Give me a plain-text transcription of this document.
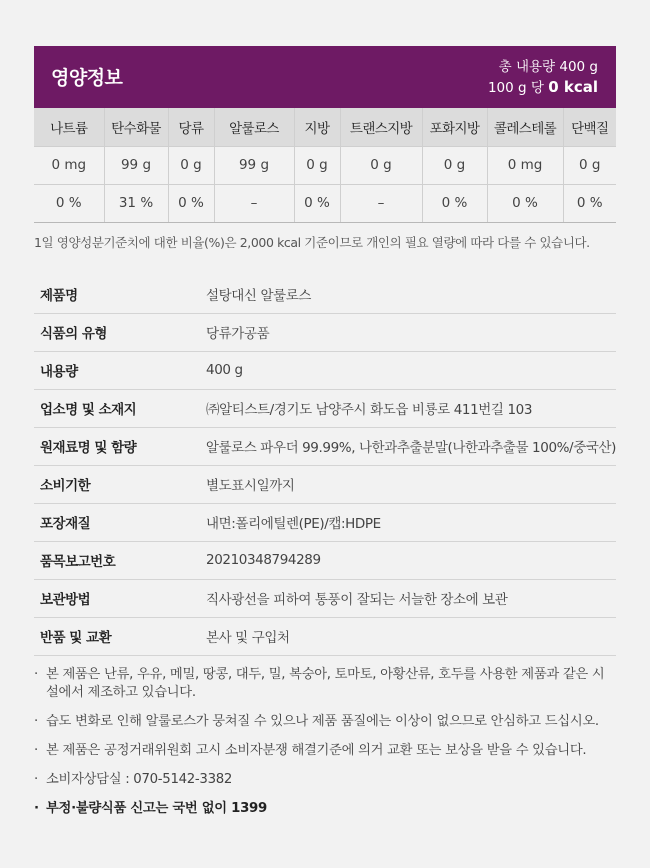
영양정보	총 내용량 400 g
100 g 당 0 kcal
나트륨	탄수화물	당류	알룰로스	지방	트랜스지방	포화지방	콜레스테롤	단백질
0 mg	99 g	0 g	99 g	0 g	0 g	0 g	0 mg	0 g
0 %	31 %	0 %	–	0 %	–	0 %	0 %	0 %
1일 영양성분기준치에 대한 비율(%)은 2,000 kcal 기준이므로 개인의 필요 열량에 따라 다를 수 있습니다.
제품명	설탕대신 알룰로스
식품의 유형	당류가공품
내용량	400 g
업소명 및 소재지	㈜알티스트/경기도 남양주시 화도읍 비룡로 411번길 103
원재료명 및 함량	알룰로스 파우더 99.99%, 나한과추출분말(나한과추출물 100%/중국산)
소비기한	별도표시일까지
포장재질	내면:폴리에틸렌(PE)/캡:HDPE
품목보고번호	20210348794289
보관방법	직사광선을 피하여 통풍이 잘되는 서늘한 장소에 보관
반품 및 교환	본사 및 구입처
· 본 제품은 난류, 우유, 메밀, 땅콩, 대두, 밀, 복숭아, 토마토, 아황산류, 호두를 사용한 제품과 같은 시설에서 제조하고 있습니다.
· 습도 변화로 인해 알룰로스가 뭉쳐질 수 있으나 제품 품질에는 이상이 없으므로 안심하고 드십시오.
· 본 제품은 공정거래위원회 고시 소비자분쟁 해결기준에 의거 교환 또는 보상을 받을 수 있습니다.
· 소비자상담실 : 070-5142-3382
· 부정·불량식품 신고는 국번 없이 1399
